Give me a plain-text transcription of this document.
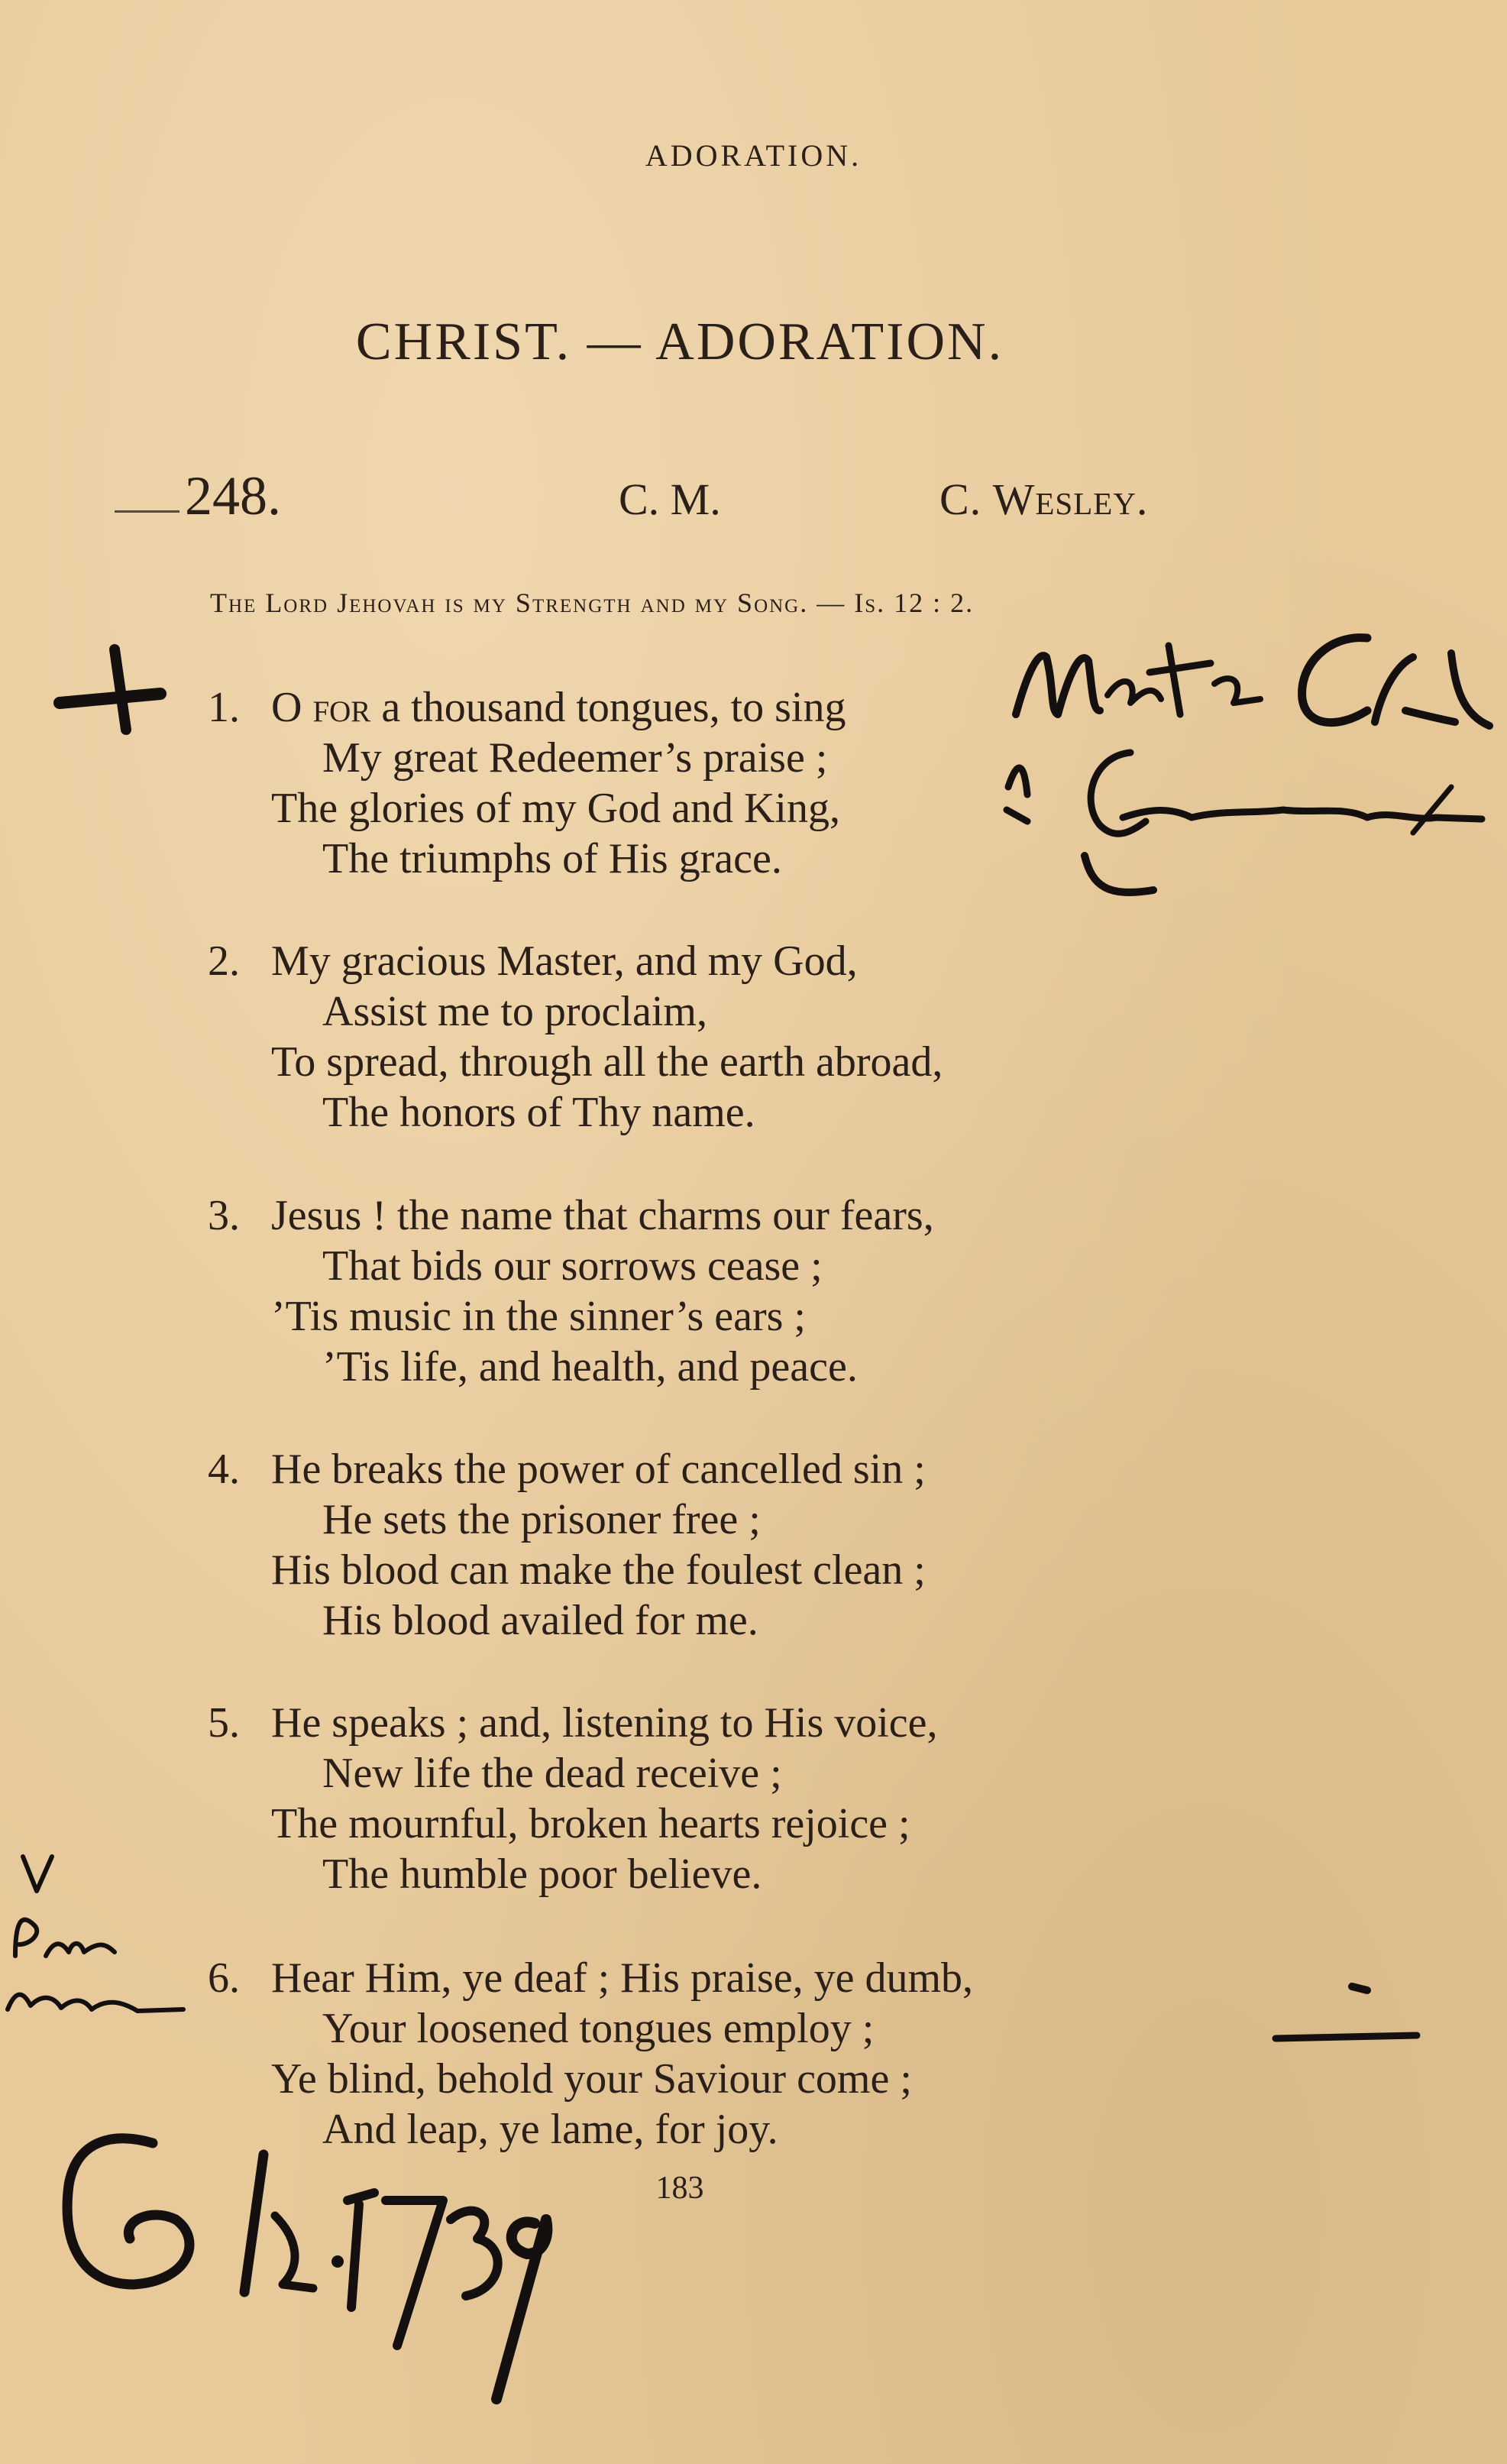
ADORATION.
CHRIST. — ADORATION.
248.	C. M.	C. Wesley.
The Lord Jehovah is my Strength and my Song. — Is. 12 : 2.
1. O for a thousand tongues, to sing
My great Redeemer’s praise ;
The glories of my God and King,
The triumphs of His grace.
2. My gracious Master, and my God,
Assist me to proclaim,
To spread, through all the earth abroad,
The honors of Thy name.
3. Jesus ! the name that charms our fears,
That bids our sorrows cease ;
’Tis music in the sinner’s ears ;
’Tis life, and health, and peace.
4. He breaks the power of cancelled sin ;
He sets the prisoner free ;
His blood can make the foulest clean ;
His blood availed for me.
5. He speaks ; and, listening to His voice,
New life the dead receive ;
The mournful, broken hearts rejoice ;
The humble poor believe.
6. Hear Him, ye deaf ; His praise, ye dumb,
Your loosened tongues employ ;
Ye blind, behold your Saviour come ;
And leap, ye lame, for joy.
183
